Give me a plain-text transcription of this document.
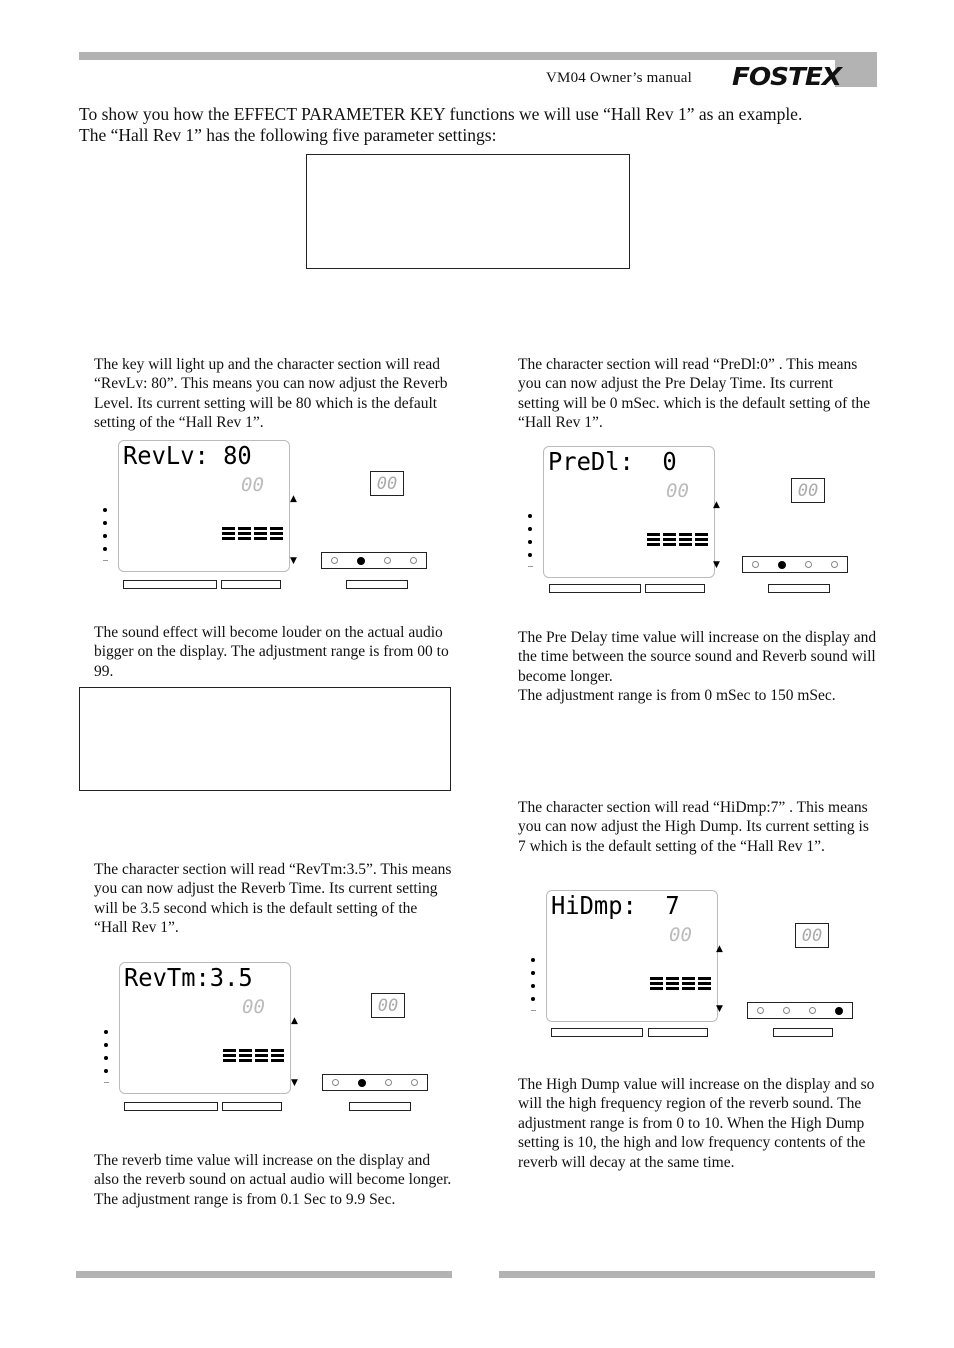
VM04 Owner’s manual FOSTEX
To show you how the EFFECT PARAMETER KEY functions we will use “Hall Rev 1” as an example.
The “Hall Rev 1” has the following five parameter settings:
The key will light up and the character section will read “RevLv: 80”. This means you can now adjust the Reverb Level. Its current setting will be 80 which is the default setting of the “Hall Rev 1”.
RevLv: 80
00
▲
▼
00
The sound effect will become louder on the actual audio bigger on the display. The adjustment range is from 00 to 99.
The character section will read “RevTm:3.5”. This means you can now adjust the Reverb Time. Its current setting will be 3.5 second which is the default setting of the “Hall Rev 1”.
RevTm:3.5
00
▲
▼
00
The reverb time value will increase on the display and also the reverb sound on actual audio will become longer. The adjustment range is from 0.1 Sec to 9.9 Sec.
The character section will read “PreDl:0” . This means you can now adjust the Pre Delay Time. Its current setting will be 0 mSec. which is the default setting of the “Hall Rev 1”.
PreDl:  0
00
▲
▼
00
The Pre Delay time value will increase on the display and the time between the source sound and Reverb sound will become longer.
The adjustment range is from 0 mSec to 150 mSec.
The character section will read “HiDmp:7” . This means you can now adjust the High Dump. Its current setting is 7 which is the default setting of the “Hall Rev 1”.
HiDmp:  7
00
▲
▼
00
The High Dump value will increase on the display and so will the high frequency region of the reverb sound. The adjustment range is from 0 to 10. When the High Dump setting is 10, the high and low frequency contents of the reverb will decay at the same time.
